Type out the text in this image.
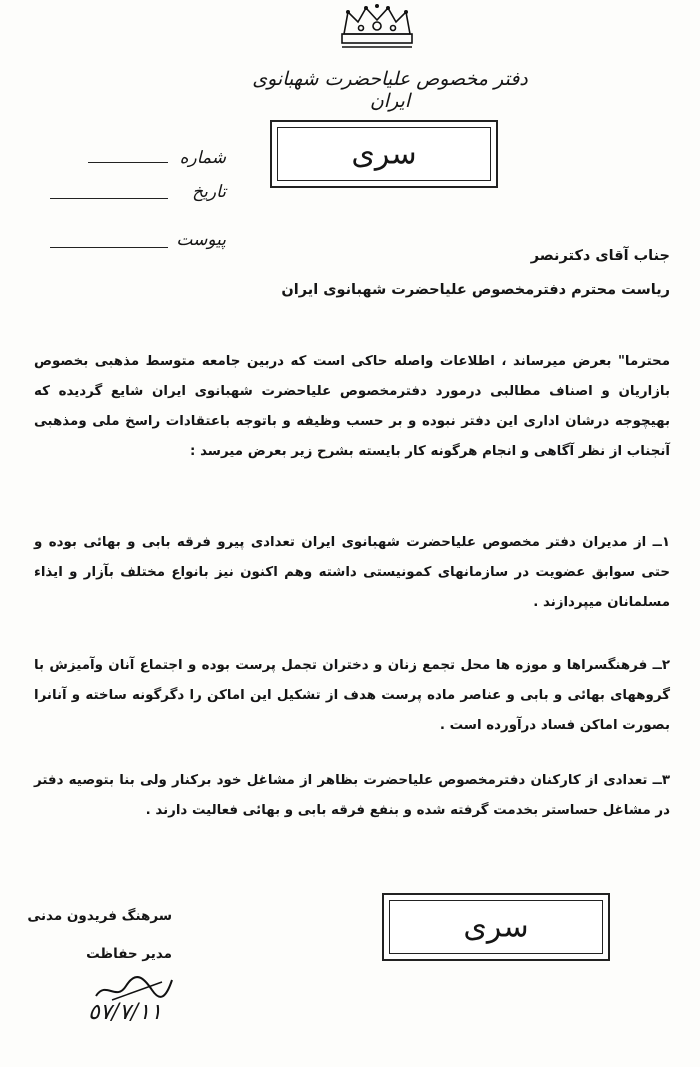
دفتر مخصوص علیاحضرت شهبانوی ایران
سری
شماره
تاریخ
پیوست
جناب آقای دکترنصر
ریاست محترم دفترمخصوص علیاحضرت شهبانوی ایران
محترما" بعرض میرساند ، اطلاعات واصله حاکی است که دربین جامعه متوسط مذهبی بخصوص بازاریان و اصناف مطالبی درمورد دفترمخصوص علیاحضرت شهبانوی ایران شایع گردیده که بهیچوجه درشان اداری این دفتر نبوده و بر حسب وظیفه و باتوجه باعتقادات راسخ ملی ومذهبی آنجناب از نظر آگاهی و انجام هرگونه کار بایسته بشرح زیر بعرض میرسد :
١ــ از مدیران دفتر مخصوص علیاحضرت شهبانوی ایران تعدادی پیرو فرقه بابی و بهائی بوده و حتی سوابق عضویت در سازمانهای کمونیستی داشته وهم اکنون نیز بانواع مختلف بآزار و ایذاء مسلمانان میپردازند .
٢ــ فرهنگسراها و موزه ها محل تجمع زنان و دختران تجمل پرست بوده و اجتماع آنان وآمیزش با گروههای بهائی و بابی و عناصر ماده پرست هدف از تشکیل این اماکن را دگرگونه ساخته و آنانرا بصورت اماکن فساد درآورده است .
٣ــ تعدادی از کارکنان دفترمخصوص علیاحضرت بظاهر از مشاغل خود برکنار ولی بنا بتوصیه دفتر در مشاغل حساستر بخدمت گرفته شده و بنفع فرقه بابی و بهائی فعالیت دارند .
سری
سرهنگ فریدون مدنی
مدیر حفاظت
٥٧/٧/١١
